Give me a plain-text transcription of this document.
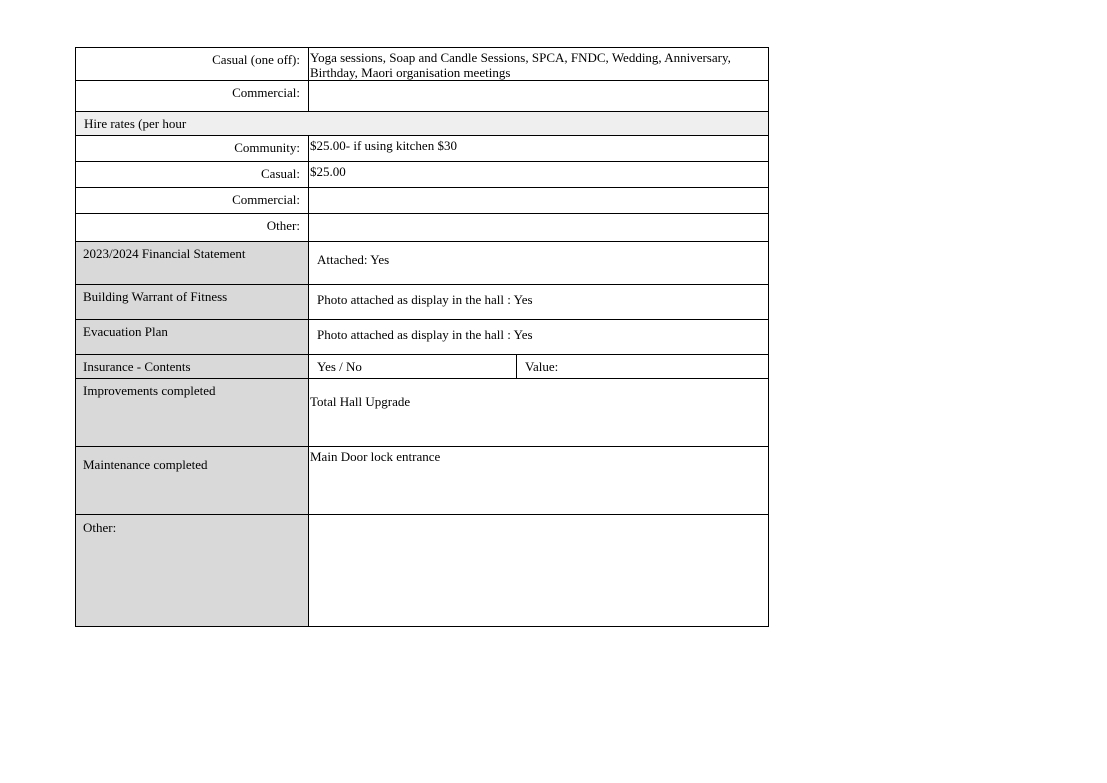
Casual (one off):	Yoga sessions, Soap and Candle Sessions, SPCA, FNDC, Wedding, Anniversary, Birthday, Maori organisation meetings	
Commercial:		
Hire rates (per hour		
Community:	$25.00- if using kitchen $30	
Casual:	$25.00	
Commercial:		
Other:		
2023/2024 Financial Statement	Attached: Yes	
Building Warrant of Fitness	Photo attached as display in the hall : Yes	
Evacuation Plan	Photo attached as display in the hall : Yes	
Insurance - Contents	Yes / No	Value:
Improvements completed	Total Hall Upgrade	
Maintenance completed	Main Door lock entrance	
Other:		
